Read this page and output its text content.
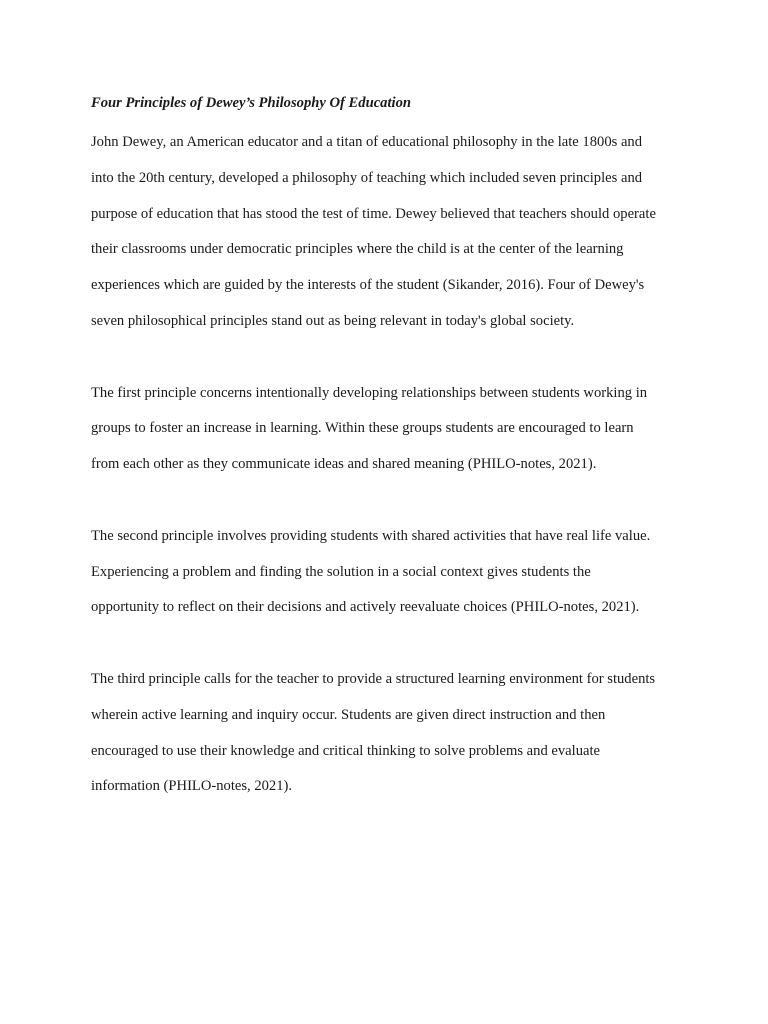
Four Principles of Dewey’s Philosophy Of Education

John Dewey, an American educator and a titan of educational philosophy in the late 1800s and
into the 20th century, developed a philosophy of teaching which included seven principles and
purpose of education that has stood the test of time. Dewey believed that teachers should operate
their classrooms under democratic principles where the child is at the center of the learning
experiences which are guided by the interests of the student (Sikander, 2016). Four of Dewey's
seven philosophical principles stand out as being relevant in today's global society.

The first principle concerns intentionally developing relationships between students working in
groups to foster an increase in learning. Within these groups students are encouraged to learn
from each other as they communicate ideas and shared meaning (PHILO-notes, 2021).

The second principle involves providing students with shared activities that have real life value.
Experiencing a problem and finding the solution in a social context gives students the
opportunity to reflect on their decisions and actively reevaluate choices (PHILO-notes, 2021).

The third principle calls for the teacher to provide a structured learning environment for students
wherein active learning and inquiry occur. Students are given direct instruction and then
encouraged to use their knowledge and critical thinking to solve problems and evaluate
information (PHILO-notes, 2021).
